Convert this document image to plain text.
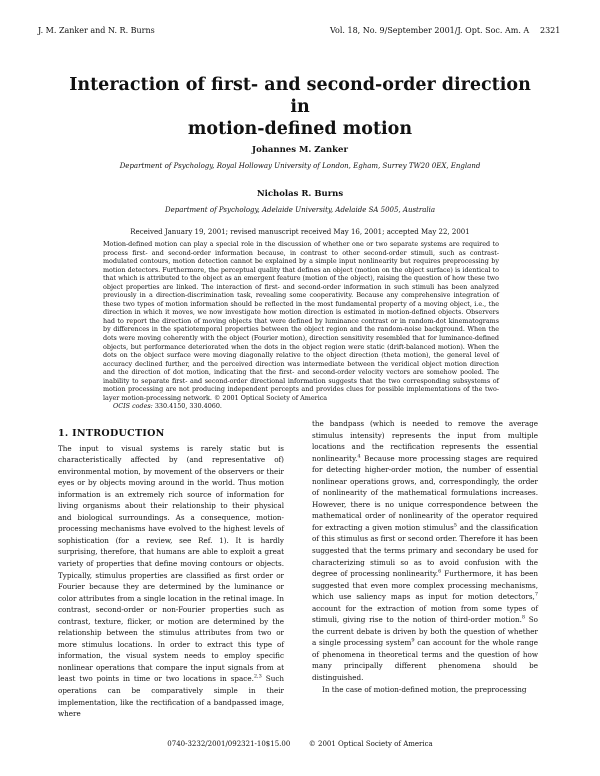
J. M. Zanker and N. R. Burns	Vol. 18, No. 9/September 2001/J. Opt. Soc. Am. A 2321
Interaction of first- and second-order direction in
motion-defined motion
Johannes M. Zanker
Department of Psychology, Royal Holloway University of London, Egham, Surrey TW20 0EX, England
Nicholas R. Burns
Department of Psychology, Adelaide University, Adelaide SA 5005, Australia
Received January 19, 2001; revised manuscript received May 16, 2001; accepted May 22, 2001
Motion-defined motion can play a special role in the discussion of whether one or two separate systems are required to process first- and second-order information because, in contrast to other second-order stimuli, such as contrast-modulated contours, motion detection cannot be explained by a simple input nonlinearity but requires preprocessing by motion detectors. Furthermore, the perceptual quality that defines an object (motion on the object surface) is identical to that which is attributed to the object as an emergent feature (motion of the object), raising the question of how these two object properties are linked. The interaction of first- and second-order information in such stimuli has been analyzed previously in a direction-discrimination task, revealing some cooperativity. Because any comprehensive integration of these two types of motion information should be reflected in the most fundamental property of a moving object, i.e., the direction in which it moves, we now investigate how motion direction is estimated in motion-defined objects. Observers had to report the direction of moving objects that were defined by luminance contrast or in random-dot kinematograms by differences in the spatiotemporal properties between the object region and the random-noise background. When the dots were moving coherently with the object (Fourier motion), direction sensitivity resembled that for luminance-defined objects, but performance deteriorated when the dots in the object region were static (drift-balanced motion). When the dots on the object surface were moving diagonally relative to the object direction (theta motion), the general level of accuracy declined further, and the perceived direction was intermediate between the veridical object motion direction and the direction of dot motion, indicating that the first- and second-order velocity vectors are somehow pooled. The inability to separate first- and second-order directional information suggests that the two corresponding subsystems of motion processing are not producing independent percepts and provides clues for possible implementations of the two-layer motion-processing network. © 2001 Optical Society of America
OCIS codes: 330.4150, 330.4060.

1. INTRODUCTION

The input to visual systems is rarely static but is characteristically affected by (and representative of) environmental motion, by movement of the observers or their eyes or by objects moving around in the world. Thus motion information is an extremely rich source of information for living organisms about their relationship to their physical and biological surroundings. As a consequence, motion-processing mechanisms have evolved to the highest levels of sophistication (for a review, see Ref. 1). It is hardly surprising, therefore, that humans are able to exploit a great variety of properties that define moving contours or objects. Typically, stimulus properties are classified as first order or Fourier because they are determined by the luminance or color attributes from a single location in the retinal image. In contrast, second-order or non-Fourier properties such as contrast, texture, flicker, or motion are determined by the relationship between the stimulus attributes from two or more stimulus locations. In order to extract this type of information, the visual system needs to employ specific nonlinear operations that compare the input signals from at least two points in time or two locations in space.$^{2,3}$ Such operations can be comparatively simple in their implementation, like the rectification of a bandpassed image, where

the bandpass (which is needed to remove the average stimulus intensity) represents the input from multiple locations and the rectification represents the essential nonlinearity.$^4$ Because more processing stages are required for detecting higher-order motion, the number of essential nonlinear operations grows, and, correspondingly, the order of nonlinearity of the mathematical formulations increases. However, there is no unique correspondence between the mathematical order of nonlinearity of the operator required for extracting a given motion stimulus$^5$ and the classification of this stimulus as first or second order. Therefore it has been suggested that the terms primary and secondary be used for characterizing stimuli so as to avoid confusion with the degree of processing nonlinearity.$^6$ Furthermore, it has been suggested that even more complex processing mechanisms, which use saliency maps as input for motion detectors,$^7$ account for the extraction of motion from some types of stimuli, giving rise to the notion of third-order motion.$^8$ So the current debate is driven by both the question of whether a single processing system$^9$ can account for the whole range of phenomena in theoretical terms and the question of how many principally different phenomena should be distinguished.

In the case of motion-defined motion, the preprocessing

0740-3232/2001/092321-10$15.00	© 2001 Optical Society of America
